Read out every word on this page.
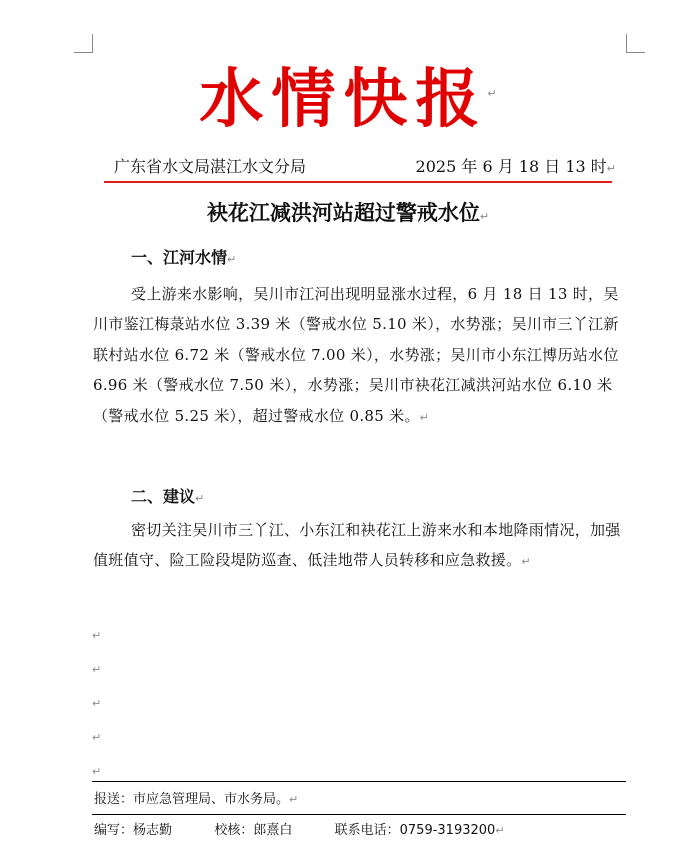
水情快报↵
广东省水文局湛江水文分局	2025 年 6 月 18 日 13 时↵
袂花江减洪河站超过警戒水位↵
一、江河水情↵
受上游来水影响，吴川市江河出现明显涨水过程，6 月 18 日 13 时，吴川市鉴江梅菉站水位 3.39 米（警戒水位 5.10 米），水势涨；吴川市三丫江新联村站水位 6.72 米（警戒水位 7.00 米），水势涨；吴川市小东江博历站水位 6.96 米（警戒水位 7.50 米），水势涨；吴川市袂花江减洪河站水位 6.10 米（警戒水位 5.25 米），超过警戒水位 0.85 米。↵
二、建议↵
密切关注吴川市三丫江、小东江和袂花江上游来水和本地降雨情况，加强值班值守、险工险段堤防巡查、低洼地带人员转移和应急救援。↵
↵
↵
↵
↵
↵
报送：市应急管理局、市水务局。↵
编写：杨志勤	校核：郎熹白	联系电话：0759-3193200↵
